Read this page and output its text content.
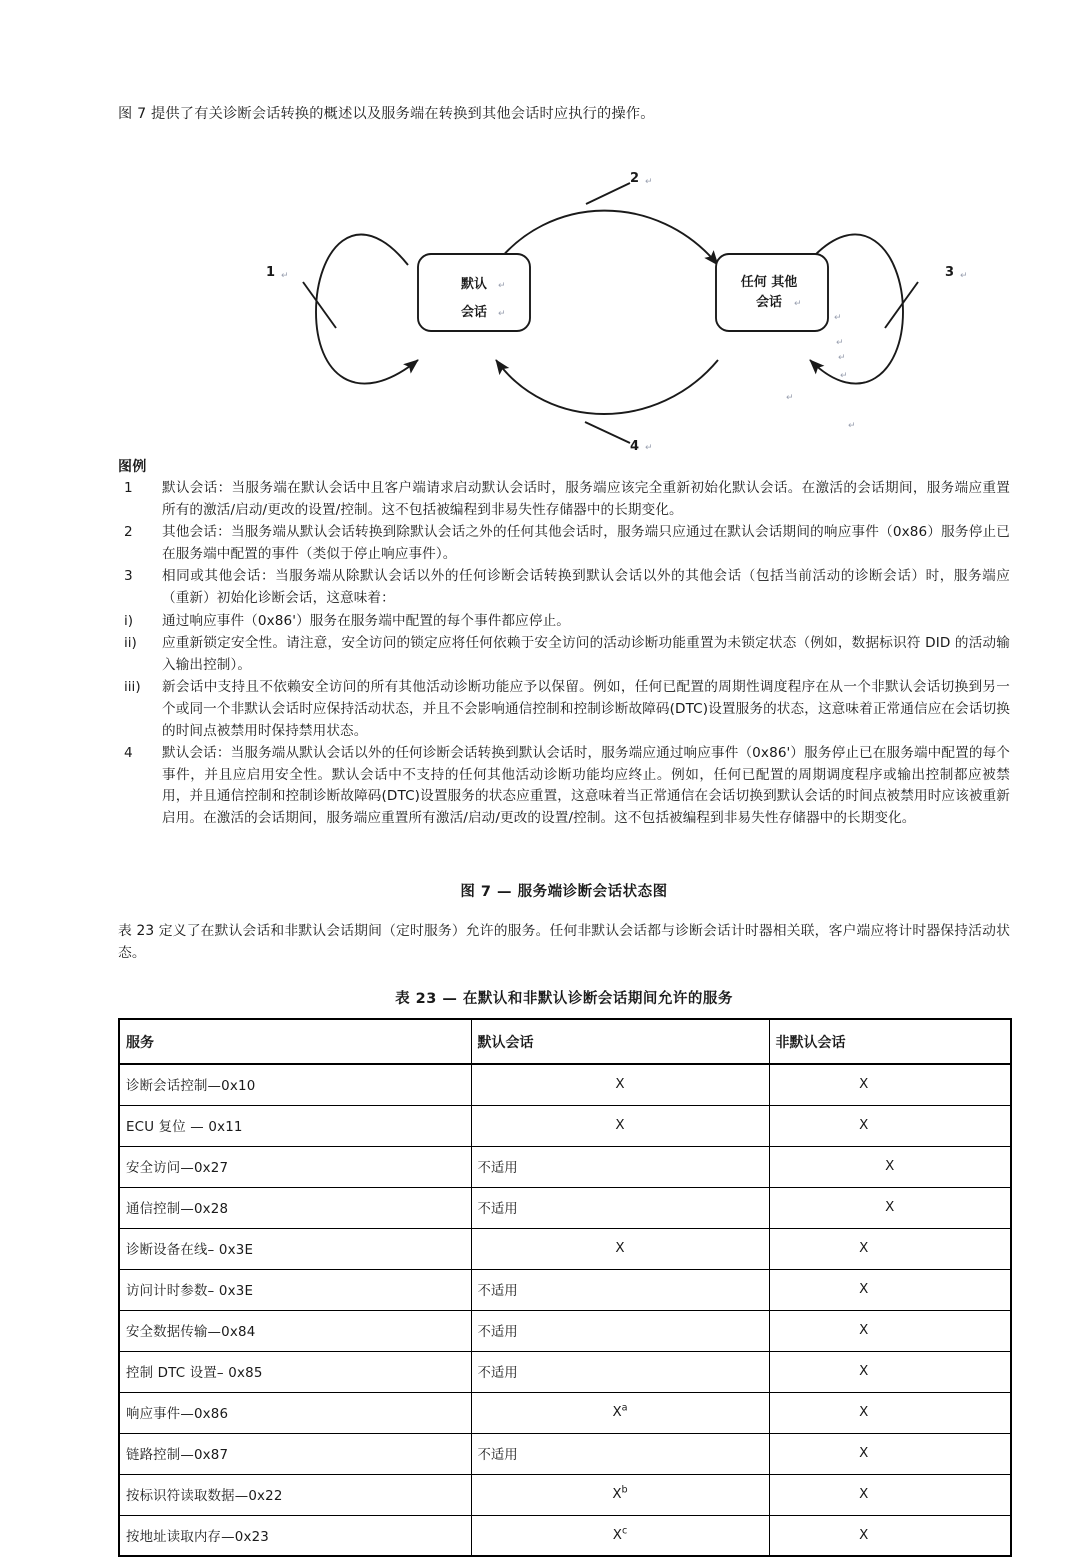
图 7 提供了有关诊断会话转换的概述以及服务端在转换到其他会话时应执行的操作。
1 ↵
2 ↵
3 ↵
4 ↵
默认 ↵
会话 ↵
任何 其他
会话 ↵
↵
↵
↵
↵
↵
↵
图例
1	默认会话：当服务端在默认会话中且客户端请求启动默认会话时，服务端应该完全重新初始化默认会话。在激活的会话期间，服务端应重置所有的激活/启动/更改的设置/控制。这不包括被编程到非易失性存储器中的长期变化。
2	其他会话：当服务端从默认会话转换到除默认会话之外的任何其他会话时，服务端只应通过在默认会话期间的响应事件（0x86）服务停止已在服务端中配置的事件（类似于停止响应事件）。
3	相同或其他会话：当服务端从除默认会话以外的任何诊断会话转换到默认会话以外的其他会话（包括当前活动的诊断会话）时，服务端应（重新）初始化诊断会话，这意味着：
i)	通过响应事件（0x86'）服务在服务端中配置的每个事件都应停止。
ii)	应重新锁定安全性。请注意，安全访问的锁定应将任何依赖于安全访问的活动诊断功能重置为未锁定状态（例如，数据标识符 DID 的活动输入输出控制）。
iii)	新会话中支持且不依赖安全访问的所有其他活动诊断功能应予以保留。例如，任何已配置的周期性调度程序在从一个非默认会话切换到另一个或同一个非默认会话时应保持活动状态，并且不会影响通信控制和控制诊断故障码(DTC)设置服务的状态，这意味着正常通信应在会话切换的时间点被禁用时保持禁用状态。
4	默认会话：当服务端从默认会话以外的任何诊断会话转换到默认会话时，服务端应通过响应事件（0x86'）服务停止已在服务端中配置的每个事件，并且应启用安全性。默认会话中不支持的任何其他活动诊断功能均应终止。例如，任何已配置的周期调度程序或输出控制都应被禁用，并且通信控制和控制诊断故障码(DTC)设置服务的状态应重置，这意味着当正常通信在会话切换到默认会话的时间点被禁用时应该被重新启用。在激活的会话期间，服务端应重置所有激活/启动/更改的设置/控制。这不包括被编程到非易失性存储器中的长期变化。
图 7 — 服务端诊断会话状态图
表 23 定义了在默认会话和非默认会话期间（定时服务）允许的服务。任何非默认会话都与诊断会话计时器相关联，客户端应将计时器保持活动状态。
表 23 — 在默认和非默认诊断会话期间允许的服务
服务	默认会话	非默认会话
诊断会话控制—0x10	X	X
ECU 复位 — 0x11	X	X
安全访问—0x27	不适用	X
通信控制—0x28	不适用	X
诊断设备在线– 0x3E	X	X
访问计时参数– 0x3E	不适用	X
安全数据传输—0x84	不适用	X
控制 DTC 设置– 0x85	不适用	X
响应事件—0x86	$X^a$	X
链路控制—0x87	不适用	X
按标识符读取数据—0x22	$X^b$	X
按地址读取内存—0x23	$X^c$	X
